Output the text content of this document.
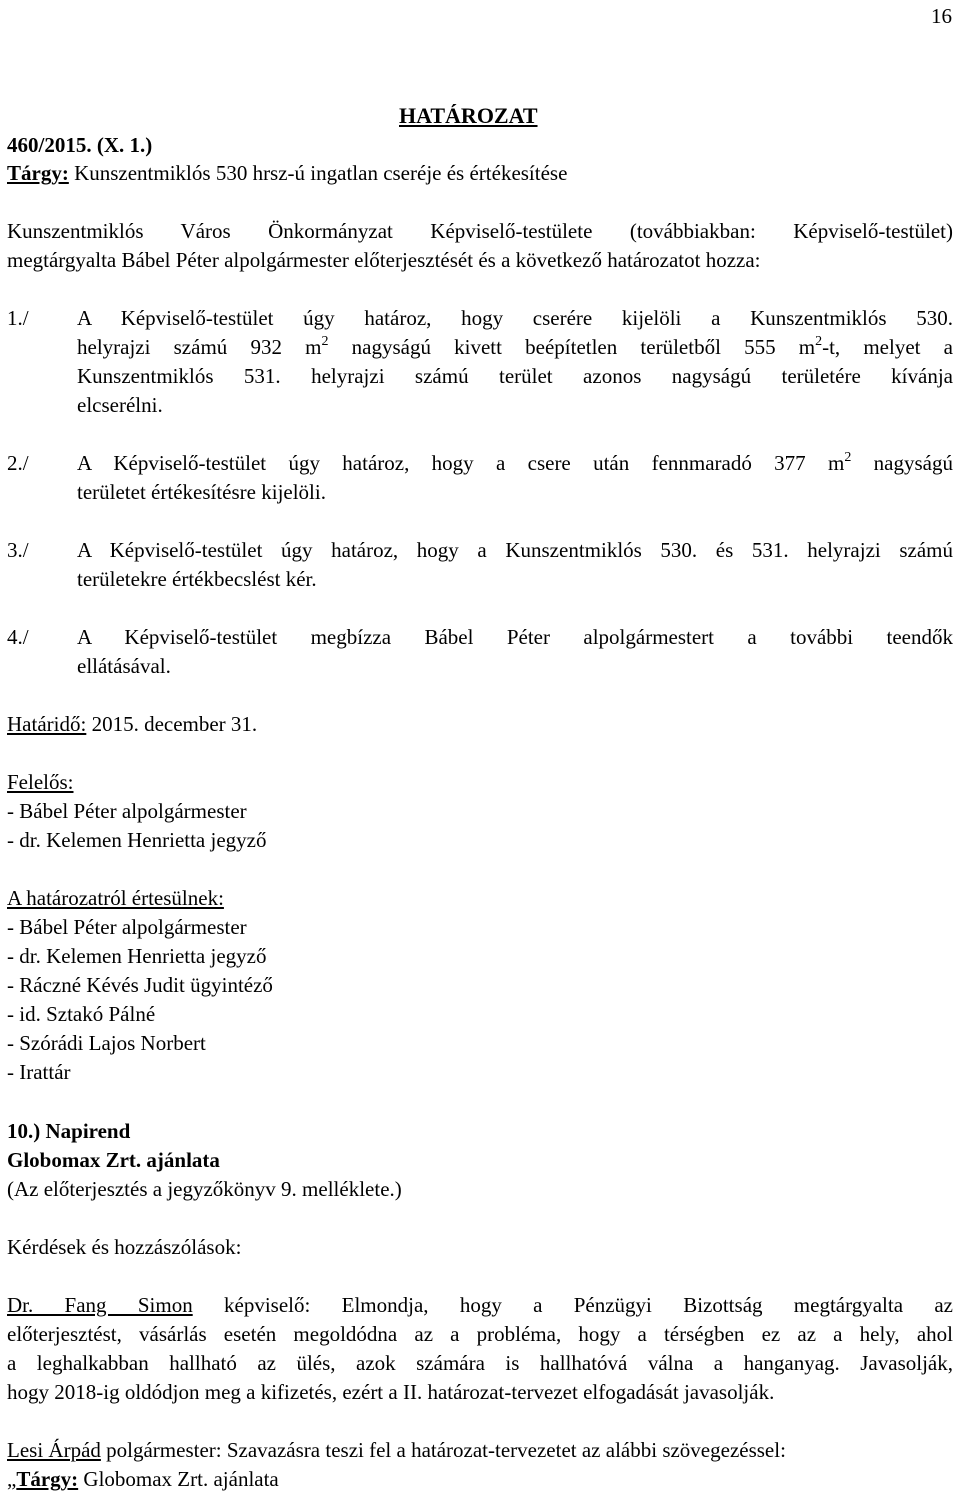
16
HATÁROZAT
460/2015. (X. 1.)
Tárgy: Kunszentmiklós 530 hrsz-ú ingatlan cseréje és értékesítése
Kunszentmiklós Város Önkormányzat Képviselő-testülete (továbbiakban: Képviselő-testület)
megtárgyalta Bábel Péter alpolgármester előterjesztését és a következő határozatot hozza:
1./ A Képviselő-testület úgy határoz, hogy cserére kijelöli a Kunszentmiklós 530.
helyrajzi számú 932 $m^2$ nagyságú kivett beépítetlen területből 555 $m^2-t$, melyet a
Kunszentmiklós 531. helyrajzi számú terület azonos nagyságú területére kívánja
elcserélni.
2./ A Képviselő-testület úgy határoz, hogy a csere után fennmaradó 377 $m^2$ nagyságú
területet értékesítésre kijelöli.
3./ A Képviselő-testület úgy határoz, hogy a Kunszentmiklós 530. és 531. helyrajzi számú
területekre értékbecslést kér.
4./ A Képviselő-testület megbízza Bábel Péter alpolgármestert a további teendők
ellátásával.
Határidő: 2015. december 31.
Felelős:
- Bábel Péter alpolgármester
- dr. Kelemen Henrietta jegyző
A határozatról értesülnek:
- Bábel Péter alpolgármester
- dr. Kelemen Henrietta jegyző
- Ráczné Kévés Judit ügyintéző
- id. Sztakó Pálné
- Szórádi Lajos Norbert
- Irattár
10.) Napirend
Globomax Zrt. ajánlata
(Az előterjesztés a jegyzőkönyv 9. melléklete.)
Kérdések és hozzászólások:
Dr. Fang Simon képviselő: Elmondja, hogy a Pénzügyi Bizottság megtárgyalta az
előterjesztést, vásárlás esetén megoldódna az a probléma, hogy a térségben ez az a hely, ahol
a leghalkabban hallható az ülés, azok számára is hallhatóvá válna a hanganyag. Javasolják,
hogy 2018-ig oldódjon meg a kifizetés, ezért a II. határozat-tervezet elfogadását javasolják.
Lesi Árpád polgármester: Szavazásra teszi fel a határozat-tervezetet az alábbi szövegezéssel:
„Tárgy: Globomax Zrt. ajánlata
